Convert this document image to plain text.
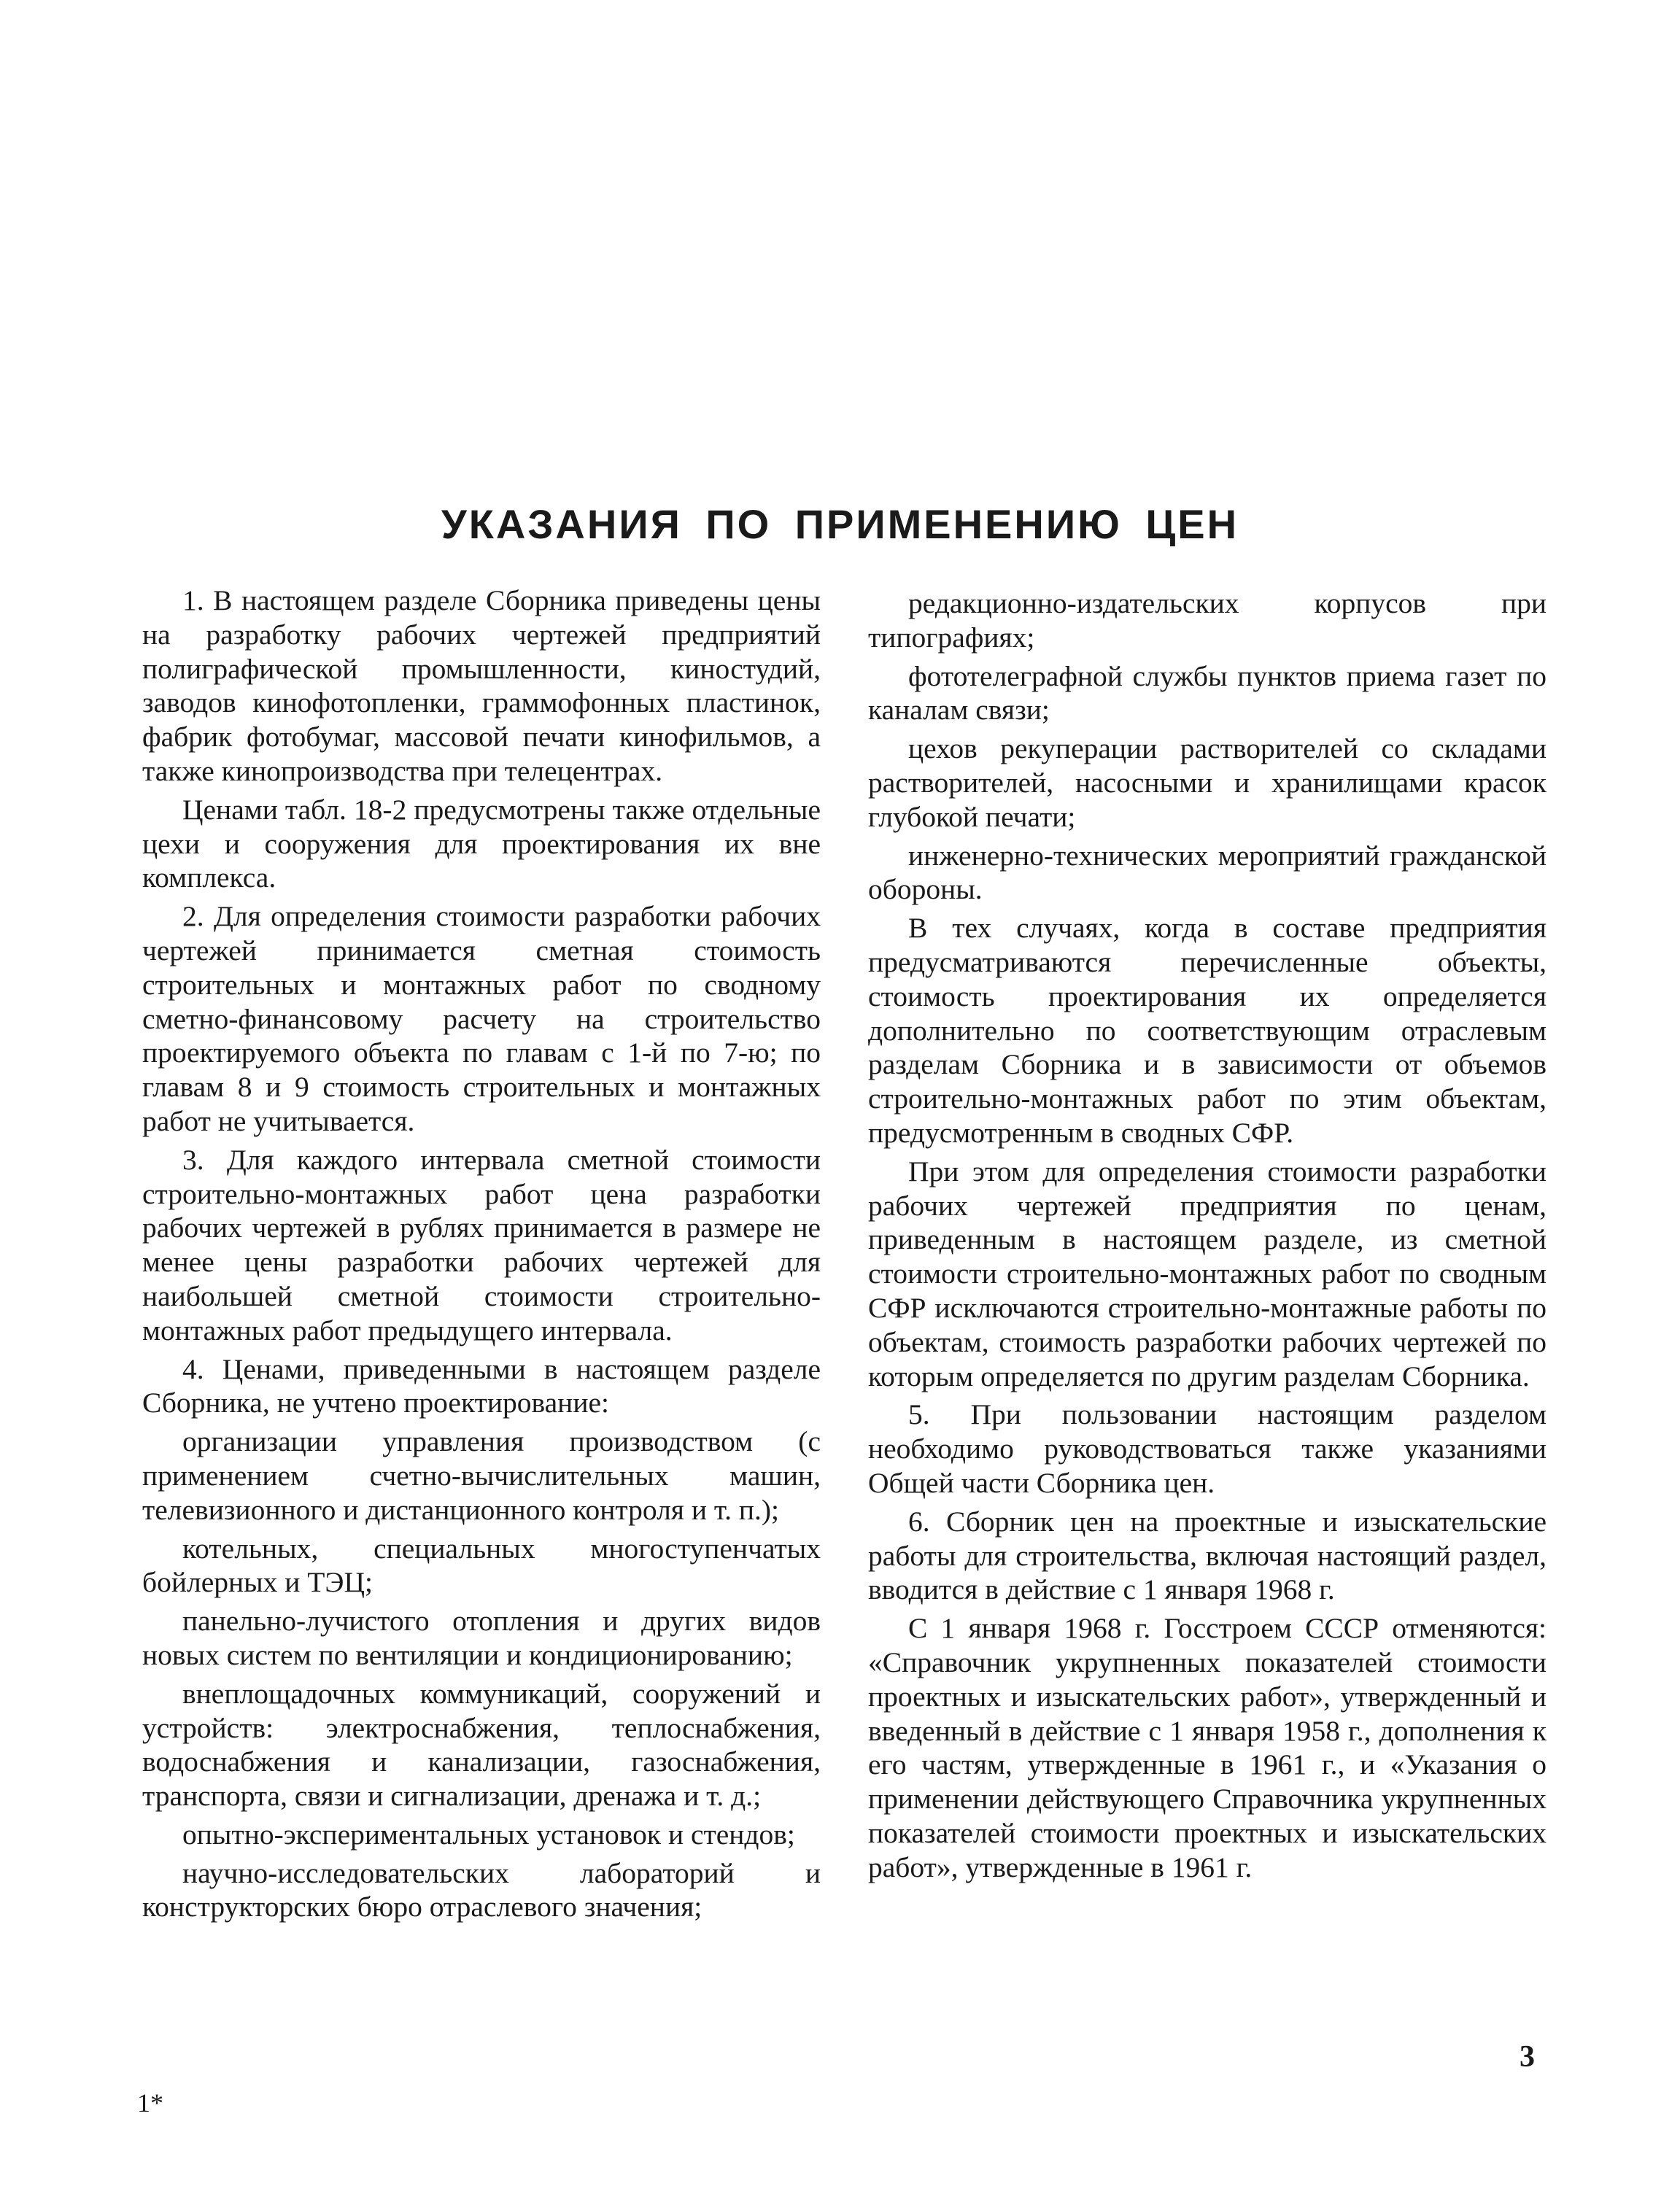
УКАЗАНИЯ ПО ПРИМЕНЕНИЮ ЦЕН

1. В настоящем разделе Сборника приведены цены на разработку рабочих чертежей предприятий полиграфической промышленности, киностудий, заводов кинофотопленки, граммофонных пластинок, фабрик фотобумаг, массовой печати кинофильмов, а также кинопроизводства при телецентрах.

Ценами табл. 18-2 предусмотрены также отдельные цехи и сооружения для проектирования их вне комплекса.

2. Для определения стоимости разработки рабочих чертежей принимается сметная стоимость строительных и монтажных работ по сводному сметно-финансовому расчету на строительство проектируемого объекта по главам с 1-й по 7-ю; по главам 8 и 9 стоимость строительных и монтажных работ не учитывается.

3. Для каждого интервала сметной стоимости строительно-монтажных работ цена разработки рабочих чертежей в рублях принимается в размере не менее цены разработки рабочих чертежей для наибольшей сметной стоимости строительно-монтажных работ предыдущего интервала.

4. Ценами, приведенными в настоящем разделе Сборника, не учтено проектирование:

организации управления производством (с применением счетно-вычислительных машин, телевизионного и дистанционного контроля и т. п.);

котельных, специальных многоступенчатых бойлерных и ТЭЦ;

панельно-лучистого отопления и других видов новых систем по вентиляции и кондиционированию;

внеплощадочных коммуникаций, сооружений и устройств: электроснабжения, теплоснабжения, водоснабжения и канализации, газоснабжения, транспорта, связи и сигнализации, дренажа и т. д.;

опытно-экспериментальных установок и стендов;

научно-исследовательских лабораторий и конструкторских бюро отраслевого значения;

редакционно-издательских корпусов при типографиях;

фототелеграфной службы пунктов приема газет по каналам связи;

цехов рекуперации растворителей со складами растворителей, насосными и хранилищами красок глубокой печати;

инженерно-технических мероприятий гражданской обороны.

В тех случаях, когда в составе предприятия предусматриваются перечисленные объекты, стоимость проектирования их определяется дополнительно по соответствующим отраслевым разделам Сборника и в зависимости от объемов строительно-монтажных работ по этим объектам, предусмотренным в сводных СФР.

При этом для определения стоимости разработки рабочих чертежей предприятия по ценам, приведенным в настоящем разделе, из сметной стоимости строительно-монтажных работ по сводным СФР исключаются строительно-монтажные работы по объектам, стоимость разработки рабочих чертежей по которым определяется по другим разделам Сборника.

5. При пользовании настоящим разделом необходимо руководствоваться также указаниями Общей части Сборника цен.

6. Сборник цен на проектные и изыскательские работы для строительства, включая настоящий раздел, вводится в действие с 1 января 1968 г.

С 1 января 1968 г. Госстроем СССР отменяются: «Справочник укрупненных показателей стоимости проектных и изыскательских работ», утвержденный и введенный в действие с 1 января 1958 г., дополнения к его частям, утвержденные в 1961 г., и «Указания о применении действующего Справочника укрупненных показателей стоимости проектных и изыскательских работ», утвержденные в 1961 г.

3

1*
